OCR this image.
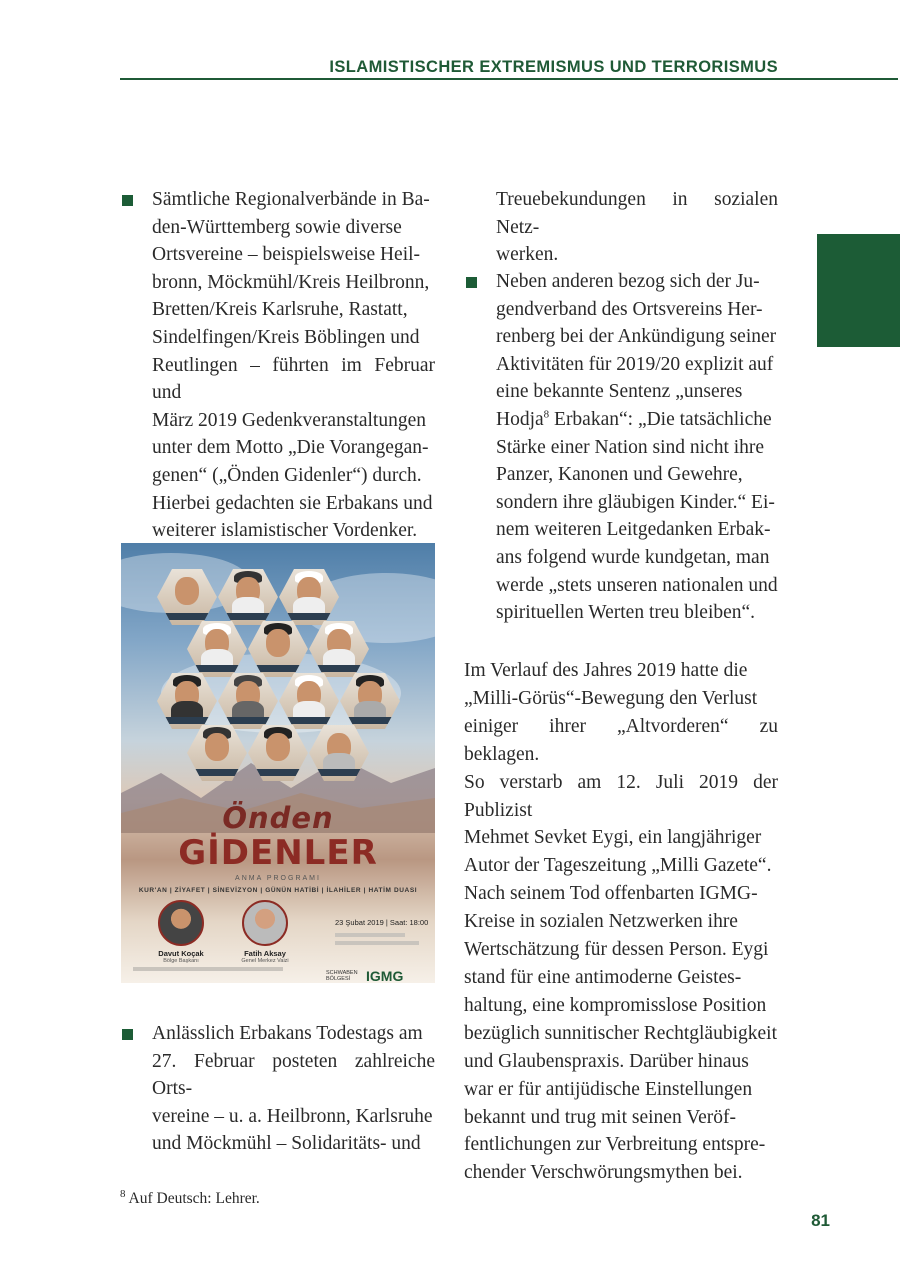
ISLAMISTISCHER EXTREMISMUS UND TERRORISMUS
Sämtliche Regionalverbände in Ba-
den-Württemberg sowie diverse
Ortsvereine – beispielsweise Heil-
bronn, Möckmühl/Kreis Heilbronn,
Bretten/Kreis Karlsruhe, Rastatt,
Sindelfingen/Kreis Böblingen und
Reutlingen – führten im Februar und
März 2019 Gedenkveranstaltungen
unter dem Motto „Die Vorangegan-
genen“ („Önden Gidenler“) durch.
Hierbei gedachten sie Erbakans und
weiterer islamistischer Vordenker.
Anlässlich Erbakans Todestags am
27. Februar posteten zahlreiche Orts-
vereine – u. a. Heilbronn, Karlsruhe
und Möckmühl – Solidaritäts- und
Önden
GİDENLER
ANMA PROGRAMI
KUR'AN | ZİYAFET | SİNEVİZYON | GÜNÜN HATİBİ | İLAHİLER | HATİM DUASI
Davut Koçak
Bölge Başkanı
Fatih Aksay
Genel Merkez Vaizi
23 Şubat 2019 | Saat: 18:00
SCHWABEN
BÖLGESİ IGMG
Treuebekundungen in sozialen Netz-
werken.
Neben anderen bezog sich der Ju-
gendverband des Ortsvereins Her-
renberg bei der Ankündigung seiner
Aktivitäten für 2019/20 explizit auf
eine bekannte Sentenz „unseres
Hodja$^8$ Erbakan“: „Die tatsächliche
Stärke einer Nation sind nicht ihre
Panzer, Kanonen und Gewehre,
sondern ihre gläubigen Kinder.“ Ei-
nem weiteren Leitgedanken Erbak-
ans folgend wurde kundgetan, man
werde „stets unseren nationalen und
spirituellen Werten treu bleiben“.
Im Verlauf des Jahres 2019 hatte die
„Milli-Görüs“-Bewegung den Verlust
einiger ihrer „Altvorderen“ zu beklagen.
So verstarb am 12. Juli 2019 der Publizist
Mehmet Sevket Eygi, ein langjähriger
Autor der Tageszeitung „Milli Gazete“.
Nach seinem Tod offenbarten IGMG-
Kreise in sozialen Netzwerken ihre
Wertschätzung für dessen Person. Eygi
stand für eine antimoderne Geistes-
haltung, eine kompromisslose Position
bezüglich sunnitischer Rechtgläubigkeit
und Glaubenspraxis. Darüber hinaus
war er für antijüdische Einstellungen
bekannt und trug mit seinen Veröf-
fentlichungen zur Verbreitung entspre-
chender Verschwörungsmythen bei.
$^8$ Auf Deutsch: Lehrer.
81
